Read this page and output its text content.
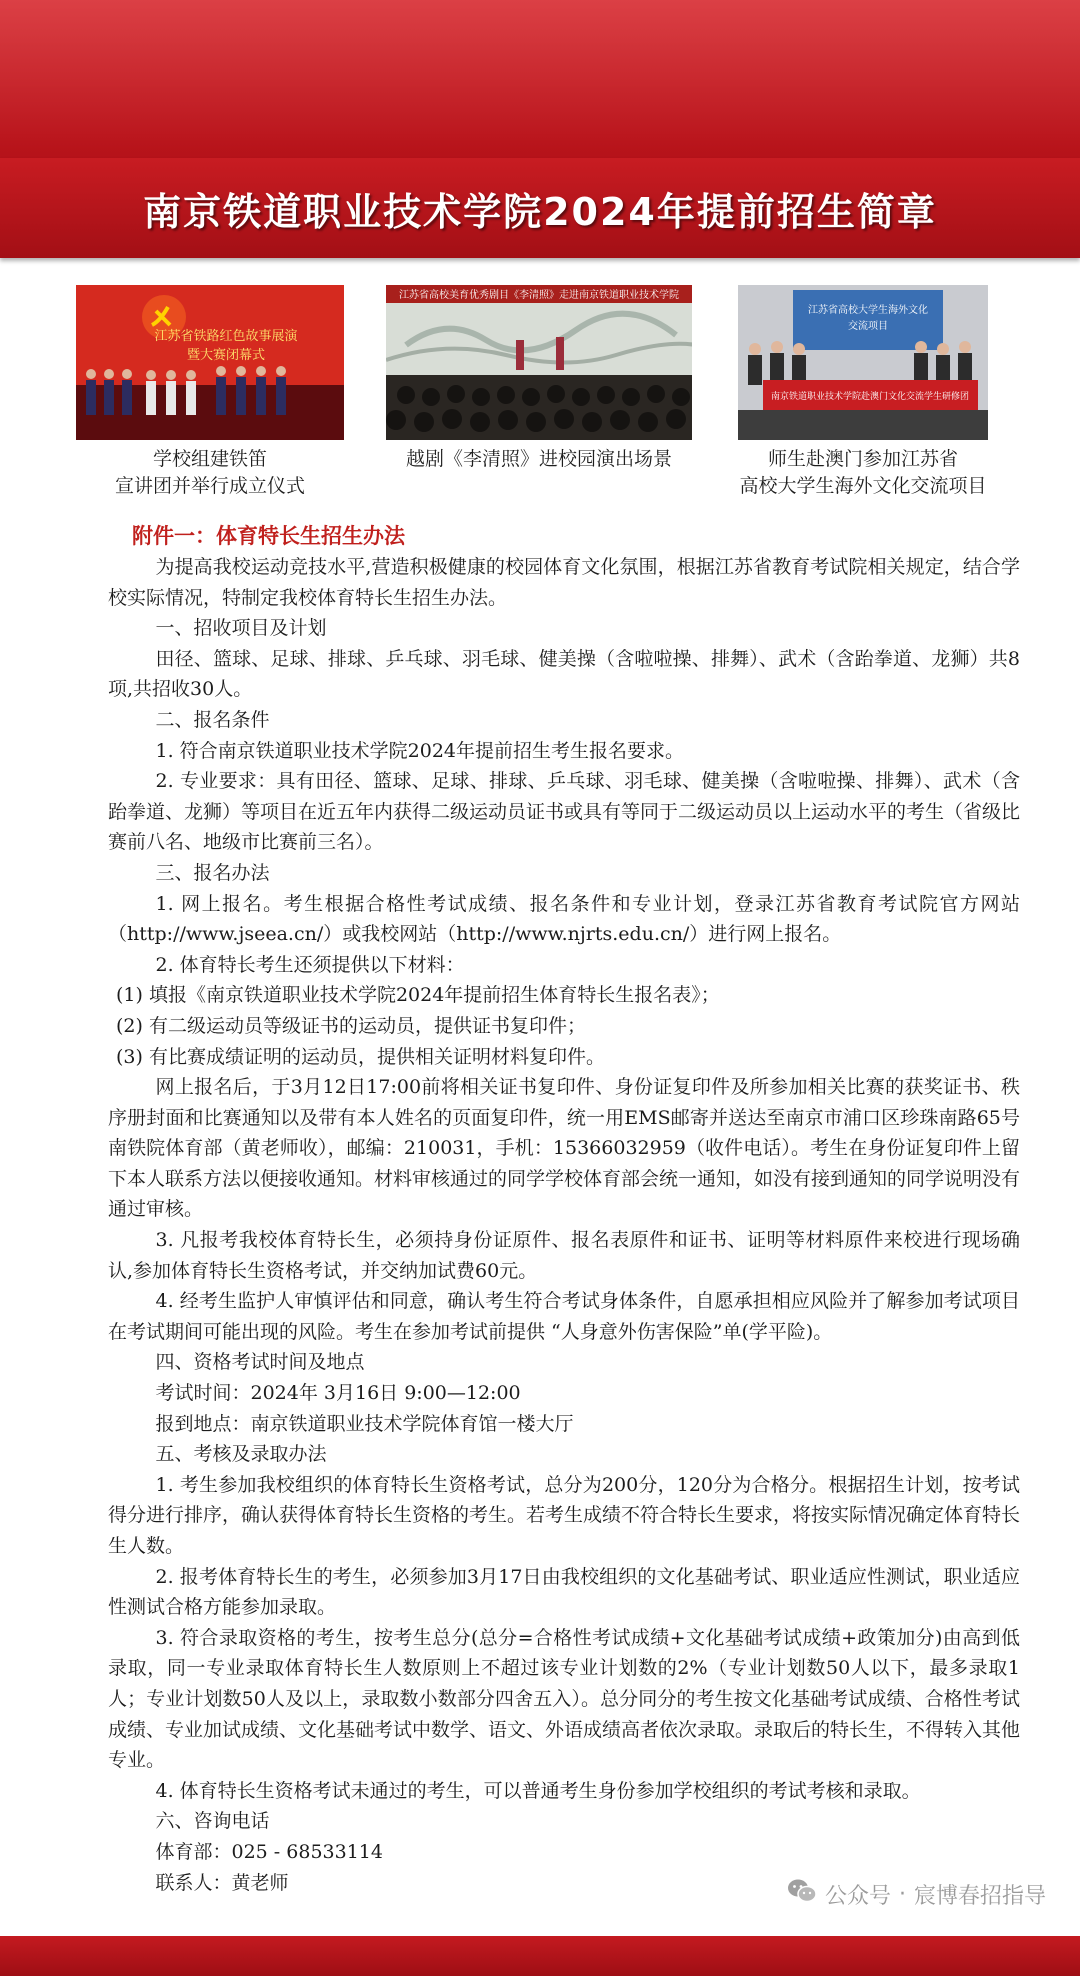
南京铁道职业技术学院2024年提前招生简章
江苏省铁路红色故事展演
暨大赛闭幕式
江苏省高校美育优秀剧目《李清照》走进南京铁道职业技术学院
江苏省高校大学生海外文化
交流项目
南京铁道职业技术学院赴澳门文化交流学生研修团
学校组建铁笛
宣讲团并举行成立仪式
越剧《李清照》进校园演出场景	师生赴澳门参加江苏省
高校大学生海外文化交流项目

附件一：体育特长生招生办法

为提高我校运动竞技水平,营造积极健康的校园体育文化氛围，根据江苏省教育考试院相关规定，结合学校实际情况，特制定我校体育特长生招生办法。

一、招收项目及计划

田径、篮球、足球、排球、乒乓球、羽毛球、健美操（含啦啦操、排舞）、武术（含跆拳道、龙狮）共8项,共招收30人。

二、报名条件

1. 符合南京铁道职业技术学院2024年提前招生考生报名要求。

2. 专业要求：具有田径、篮球、足球、排球、乒乓球、羽毛球、健美操（含啦啦操、排舞）、武术（含跆拳道、龙狮）等项目在近五年内获得二级运动员证书或具有等同于二级运动员以上运动水平的考生（省级比赛前八名、地级市比赛前三名）。

三、报名办法

1. 网上报名。考生根据合格性考试成绩、报名条件和专业计划，登录江苏省教育考试院官方网站（http://www.jseea.cn/）或我校网站（http://www.njrts.edu.cn/）进行网上报名。

2. 体育特长考生还须提供以下材料：

(1) 填报《南京铁道职业技术学院2024年提前招生体育特长生报名表》；

(2) 有二级运动员等级证书的运动员，提供证书复印件；

(3) 有比赛成绩证明的运动员，提供相关证明材料复印件。

网上报名后，于3月12日17:00前将相关证书复印件、身份证复印件及所参加相关比赛的获奖证书、秩序册封面和比赛通知以及带有本人姓名的页面复印件，统一用EMS邮寄并送达至南京市浦口区珍珠南路65号南铁院体育部（黄老师收），邮编：210031，手机：15366032959（收件电话）。考生在身份证复印件上留下本人联系方法以便接收通知。材料审核通过的同学学校体育部会统一通知，如没有接到通知的同学说明没有通过审核。

3. 凡报考我校体育特长生，必须持身份证原件、报名表原件和证书、证明等材料原件来校进行现场确认,参加体育特长生资格考试，并交纳加试费60元。

4. 经考生监护人审慎评估和同意，确认考生符合考试身体条件，自愿承担相应风险并了解参加考试项目在考试期间可能出现的风险。考生在参加考试前提供 “人身意外伤害保险”单(学平险)。

四、资格考试时间及地点

考试时间：2024年 3月16日 9:00—12:00

报到地点：南京铁道职业技术学院体育馆一楼大厅

五、考核及录取办法

1. 考生参加我校组织的体育特长生资格考试，总分为200分，120分为合格分。根据招生计划，按考试得分进行排序，确认获得体育特长生资格的考生。若考生成绩不符合特长生要求，将按实际情况确定体育特长生人数。

2. 报考体育特长生的考生，必须参加3月17日由我校组织的文化基础考试、职业适应性测试，职业适应性测试合格方能参加录取。

3. 符合录取资格的考生，按考生总分(总分=合格性考试成绩+文化基础考试成绩+政策加分)由高到低录取，同一专业录取体育特长生人数原则上不超过该专业计划数的2%（专业计划数50人以下，最多录取1人；专业计划数50人及以上，录取数小数部分四舍五入）。总分同分的考生按文化基础考试成绩、合格性考试成绩、专业加试成绩、文化基础考试中数学、语文、外语成绩高者依次录取。录取后的特长生，不得转入其他专业。

4. 体育特长生资格考试未通过的考生，可以普通考生身份参加学校组织的考试考核和录取。

六、咨询电话

体育部：025 - 68533114

联系人：黄老师

公众号 · 宸博春招指导
